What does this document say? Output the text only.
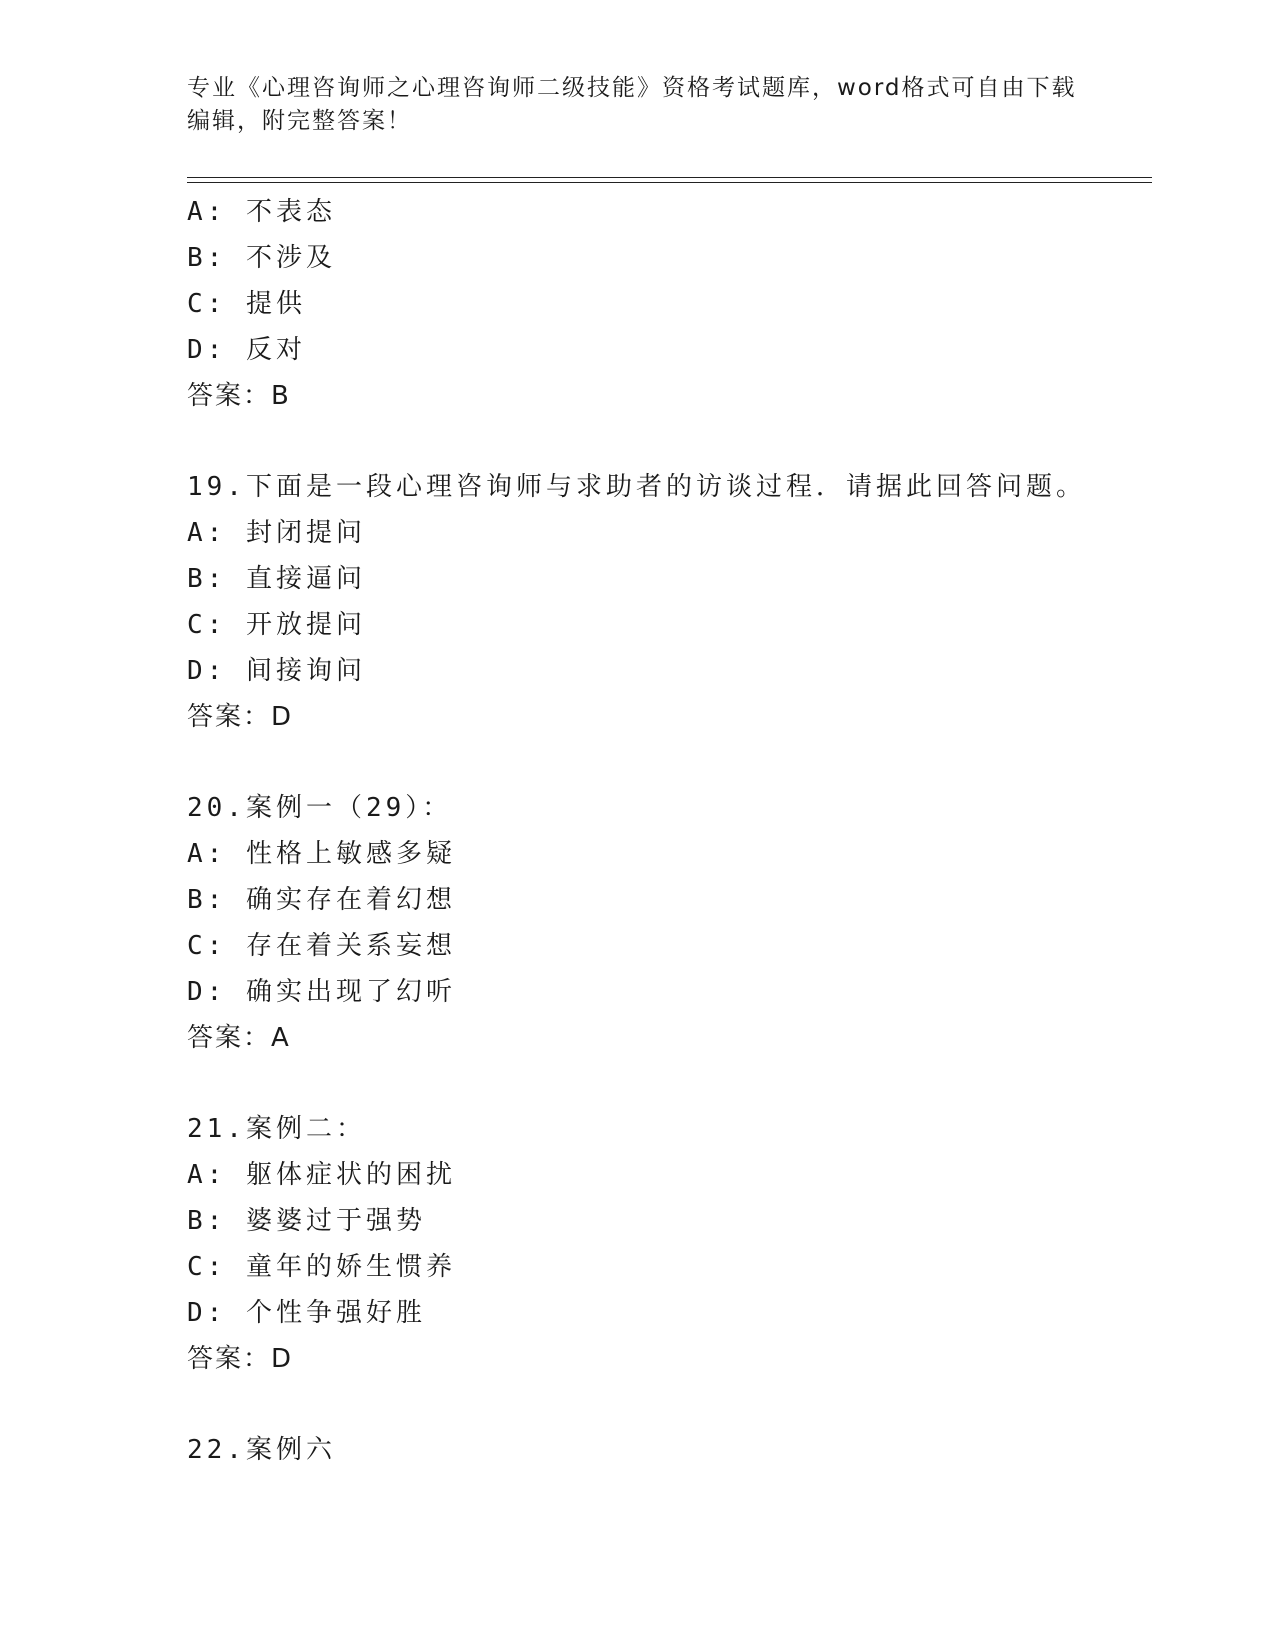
专业《心理咨询师之心理咨询师二级技能》资格考试题库，word格式可自由下载
编辑，附完整答案！
A: 不表态
B: 不涉及
C: 提供
D: 反对
答案：B
19.下面是一段心理咨询师与求助者的访谈过程．请据此回答问题。
A: 封闭提问
B: 直接逼问
C: 开放提问
D: 间接询问
答案：D
20.案例一（29）：
A: 性格上敏感多疑
B: 确实存在着幻想
C: 存在着关系妄想
D: 确实出现了幻听
答案：A
21.案例二：
A: 躯体症状的困扰
B: 婆婆过于强势
C: 童年的娇生惯养
D: 个性争强好胜
答案：D
22.案例六
